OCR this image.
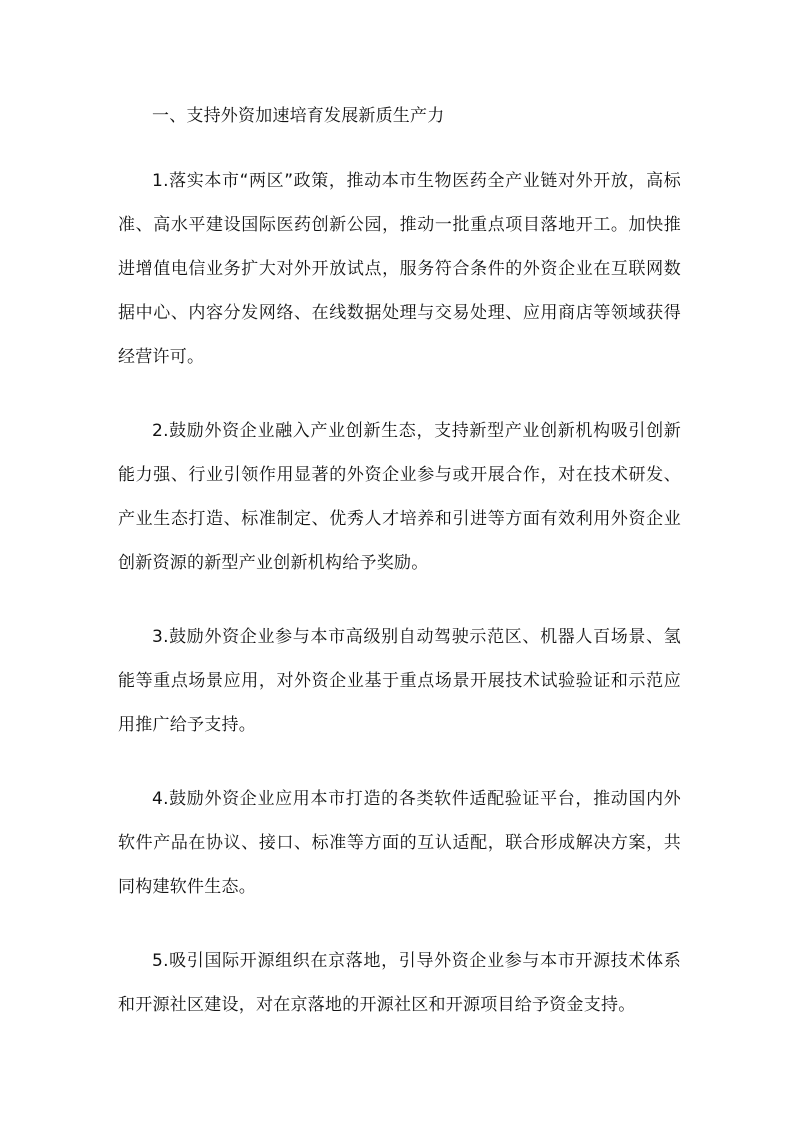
一、支持外资加速培育发展新质生产力

1.落实本市“两区”政策，推动本市生物医药全产业链对外开放，高标准、高水平建设国际医药创新公园，推动一批重点项目落地开工。加快推进增值电信业务扩大对外开放试点，服务符合条件的外资企业在互联网数据中心、内容分发网络、在线数据处理与交易处理、应用商店等领域获得经营许可。

2.鼓励外资企业融入产业创新生态，支持新型产业创新机构吸引创新能力强、行业引领作用显著的外资企业参与或开展合作，对在技术研发、产业生态打造、标准制定、优秀人才培养和引进等方面有效利用外资企业创新资源的新型产业创新机构给予奖励。

3.鼓励外资企业参与本市高级别自动驾驶示范区、机器人百场景、氢能等重点场景应用，对外资企业基于重点场景开展技术试验验证和示范应用推广给予支持。

4.鼓励外资企业应用本市打造的各类软件适配验证平台，推动国内外软件产品在协议、接口、标准等方面的互认适配，联合形成解决方案，共同构建软件生态。

5.吸引国际开源组织在京落地，引导外资企业参与本市开源技术体系和开源社区建设，对在京落地的开源社区和开源项目给予资金支持。
